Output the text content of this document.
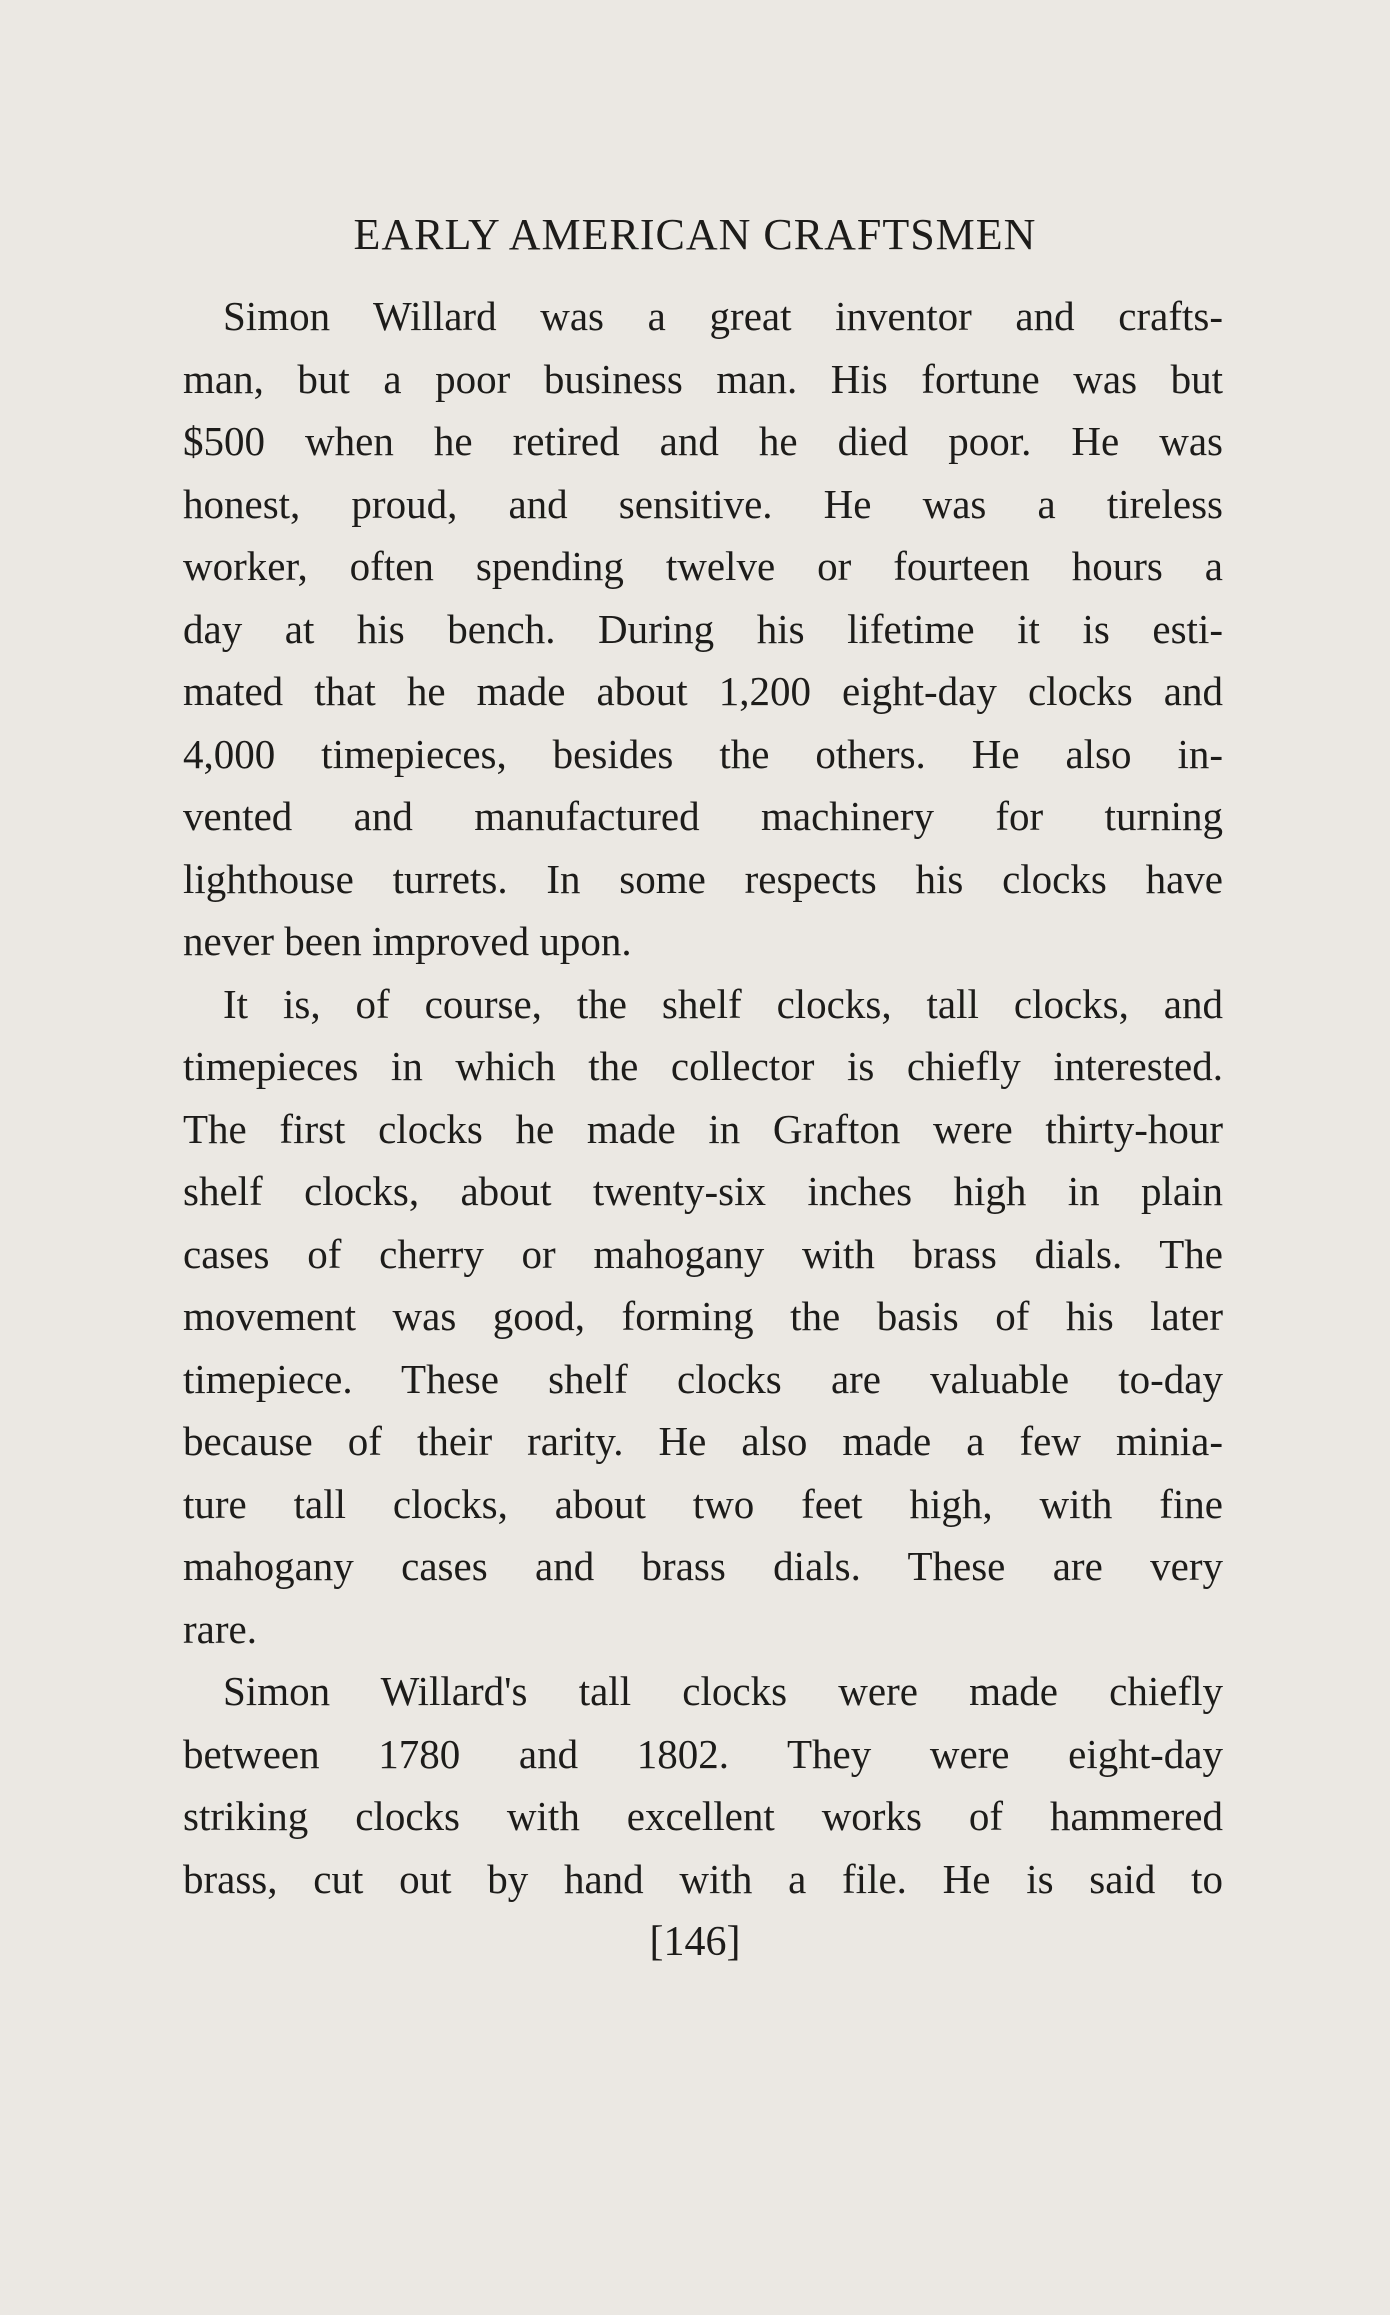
EARLY AMERICAN CRAFTSMEN
Simon Willard was a great inventor and crafts-
man, but a poor business man. His fortune was but
$500 when he retired and he died poor. He was
honest, proud, and sensitive. He was a tireless
worker, often spending twelve or fourteen hours a
day at his bench. During his lifetime it is esti-
mated that he made about 1,200 eight-day clocks and
4,000 timepieces, besides the others. He also in-
vented and manufactured machinery for turning
lighthouse turrets. In some respects his clocks have
never been improved upon.
It is, of course, the shelf clocks, tall clocks, and
timepieces in which the collector is chiefly interested.
The first clocks he made in Grafton were thirty-hour
shelf clocks, about twenty-six inches high in plain
cases of cherry or mahogany with brass dials. The
movement was good, forming the basis of his later
timepiece. These shelf clocks are valuable to-day
because of their rarity. He also made a few minia-
ture tall clocks, about two feet high, with fine
mahogany cases and brass dials. These are very
rare.
Simon Willard's tall clocks were made chiefly
between 1780 and 1802. They were eight-day
striking clocks with excellent works of hammered
brass, cut out by hand with a file. He is said to
[146]
